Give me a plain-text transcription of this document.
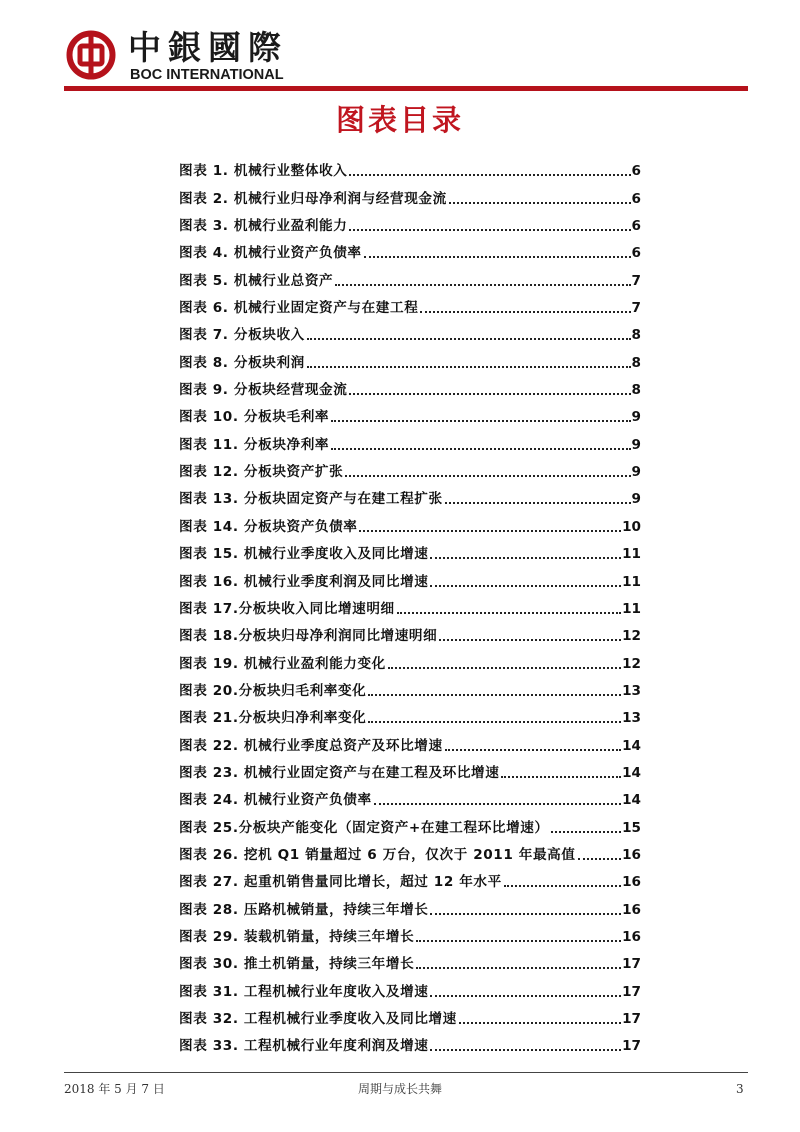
中銀國際
BOC INTERNATIONAL
图表目录
图表 1. 机械行业整体收入	6
图表 2. 机械行业归母净利润与经营现金流	6
图表 3. 机械行业盈利能力	6
图表 4. 机械行业资产负债率	6
图表 5. 机械行业总资产	7
图表 6. 机械行业固定资产与在建工程	7
图表 7. 分板块收入	8
图表 8. 分板块利润	8
图表 9. 分板块经营现金流	8
图表 10. 分板块毛利率	9
图表 11. 分板块净利率	9
图表 12. 分板块资产扩张	9
图表 13. 分板块固定资产与在建工程扩张	9
图表 14. 分板块资产负债率	10
图表 15. 机械行业季度收入及同比增速	11
图表 16. 机械行业季度利润及同比增速	11
图表 17.分板块收入同比增速明细	11
图表 18.分板块归母净利润同比增速明细	12
图表 19. 机械行业盈利能力变化	12
图表 20.分板块归毛利率变化	13
图表 21.分板块归净利率变化	13
图表 22. 机械行业季度总资产及环比增速	14
图表 23. 机械行业固定资产与在建工程及环比增速	14
图表 24. 机械行业资产负债率	14
图表 25.分板块产能变化（固定资产+在建工程环比增速）	15
图表 26. 挖机 Q1 销量超过 6 万台，仅次于 2011 年最高值	16
图表 27. 起重机销售量同比增长，超过 12 年水平	16
图表 28. 压路机械销量，持续三年增长	16
图表 29. 装载机销量，持续三年增长	16
图表 30. 推土机销量，持续三年增长	17
图表 31. 工程机械行业年度收入及增速	17
图表 32. 工程机械行业季度收入及同比增速	17
图表 33. 工程机械行业年度利润及增速	17
2018 年 5 月 7 日	周期与成长共舞	3
